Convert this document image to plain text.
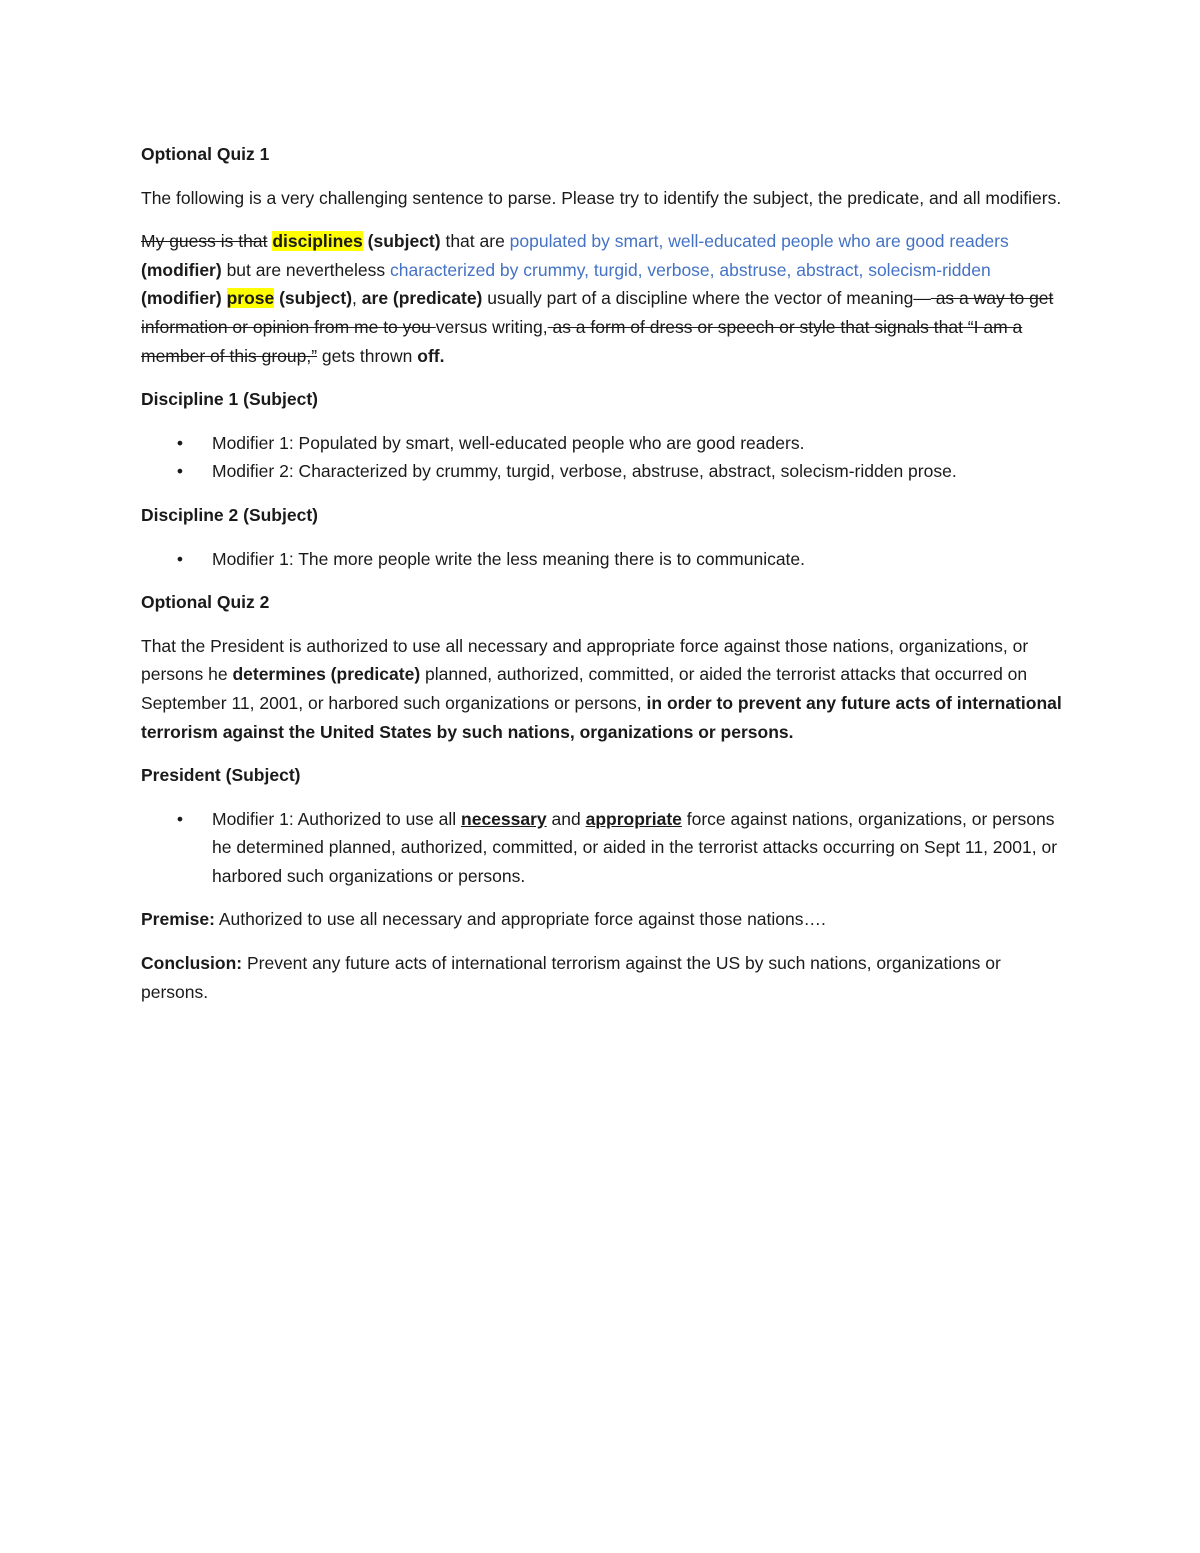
Optional Quiz 1

The following is a very challenging sentence to parse. Please try to identify the subject, the predicate, and all modifiers.

My guess is that disciplines (subject) that are populated by smart, well-educated people who are good readers (modifier) but are nevertheless characterized by crummy, turgid, verbose, abstruse, abstract, solecism-ridden (modifier) prose (subject), are (predicate) usually part of a discipline where the vector of meaning— as a way to get information or opinion from me to you versus writing, as a form of dress or speech or style that signals that “I am a member of this group,” gets thrown off.

Discipline 1 (Subject)

• Modifier 1: Populated by smart, well-educated people who are good readers.
• Modifier 2: Characterized by crummy, turgid, verbose, abstruse, abstract, solecism-ridden prose.

Discipline 2 (Subject)

• Modifier 1: The more people write the less meaning there is to communicate.

Optional Quiz 2

That the President is authorized to use all necessary and appropriate force against those nations, organizations, or persons he determines (predicate) planned, authorized, committed, or aided the terrorist attacks that occurred on September 11, 2001, or harbored such organizations or persons, in order to prevent any future acts of international terrorism against the United States by such nations, organizations or persons.

President (Subject)

• Modifier 1: Authorized to use all necessary and appropriate force against nations, organizations, or persons he determined planned, authorized, committed, or aided in the terrorist attacks occurring on Sept 11, 2001, or harbored such organizations or persons.

Premise: Authorized to use all necessary and appropriate force against those nations….

Conclusion: Prevent any future acts of international terrorism against the US by such nations, organizations or persons.
